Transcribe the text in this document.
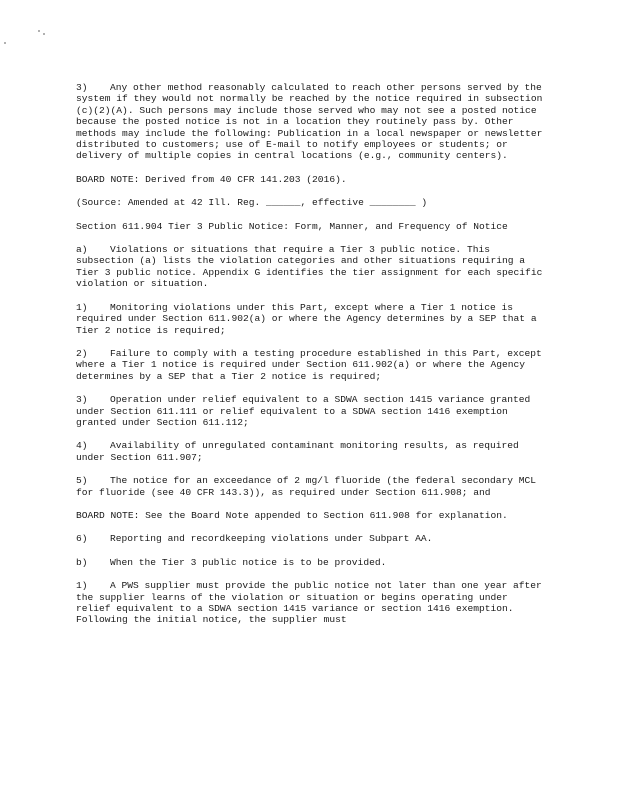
3) Any other method reasonably calculated to reach other persons served by the system if they would not normally be reached by the notice required in subsection (c)(2)(A). Such persons may include those served who may not see a posted notice because the posted notice is not in a location they routinely pass by. Other methods may include the following: Publication in a local newspaper or newsletter distributed to customers; use of E-mail to notify employees or students; or delivery of multiple copies in central locations (e.g., community centers).

BOARD NOTE: Derived from 40 CFR 141.203 (2016).

(Source: Amended at 42 Ill. Reg. ______, effective ________ )

Section 611.904 Tier 3 Public Notice: Form, Manner, and Frequency of Notice

a) Violations or situations that require a Tier 3 public notice. This subsection (a) lists the violation categories and other situations requiring a Tier 3 public notice. Appendix G identifies the tier assignment for each specific violation or situation.

1) Monitoring violations under this Part, except where a Tier 1 notice is required under Section 611.902(a) or where the Agency determines by a SEP that a Tier 2 notice is required;

2) Failure to comply with a testing procedure established in this Part, except where a Tier 1 notice is required under Section 611.902(a) or where the Agency determines by a SEP that a Tier 2 notice is required;

3) Operation under relief equivalent to a SDWA section 1415 variance granted under Section 611.111 or relief equivalent to a SDWA section 1416 exemption granted under Section 611.112;

4) Availability of unregulated contaminant monitoring results, as required under Section 611.907;

5) The notice for an exceedance of 2 mg/l fluoride (the federal secondary MCL for fluoride (see 40 CFR 143.3)), as required under Section 611.908; and

BOARD NOTE: See the Board Note appended to Section 611.908 for explanation.

6) Reporting and recordkeeping violations under Subpart AA.

b) When the Tier 3 public notice is to be provided.

1) A PWS supplier must provide the public notice not later than one year after the supplier learns of the violation or situation or begins operating under relief equivalent to a SDWA section 1415 variance or section 1416 exemption. Following the initial notice, the supplier must
